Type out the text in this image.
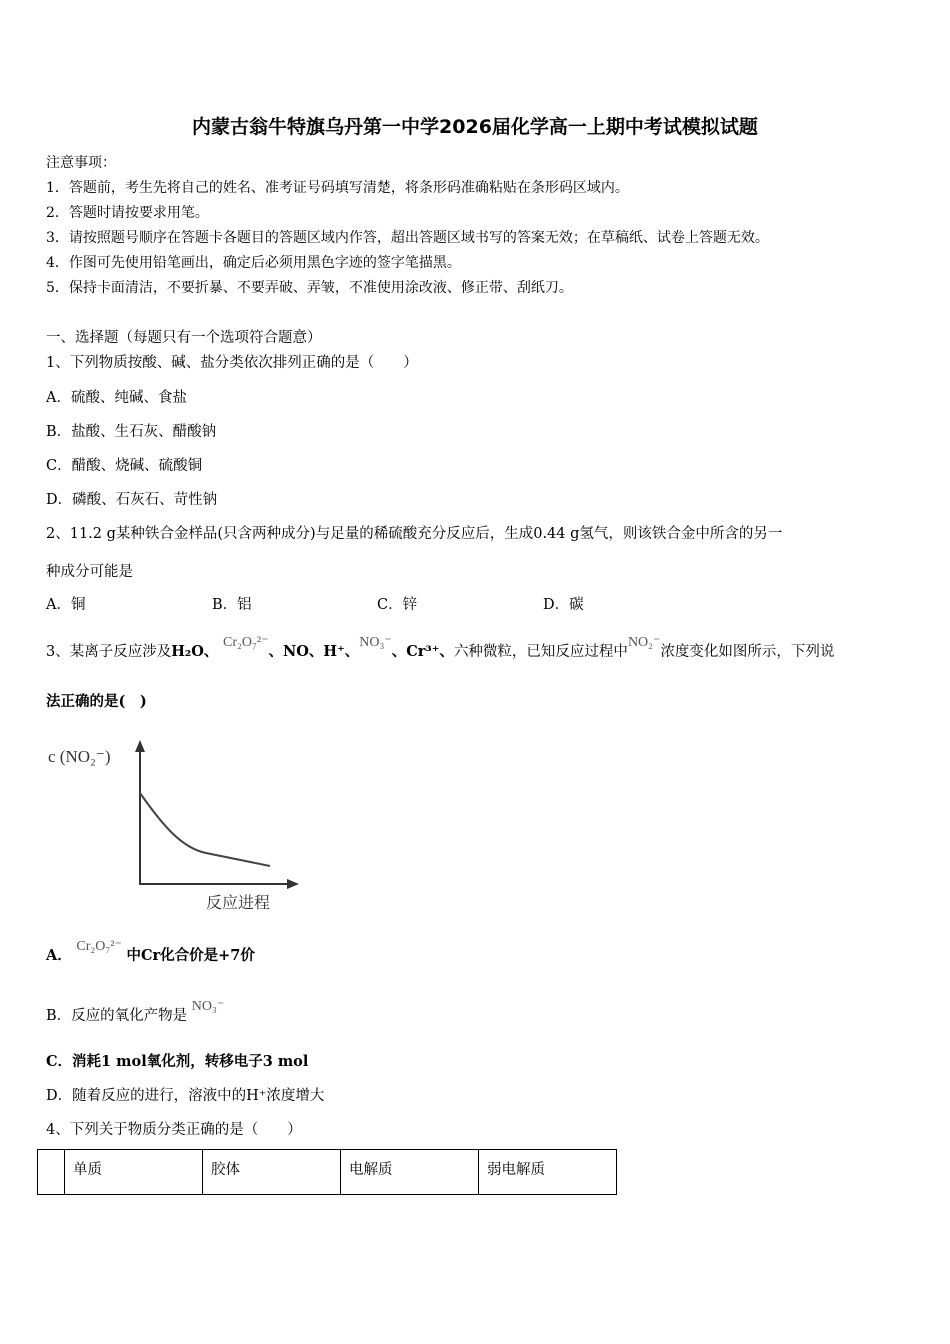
内蒙古翁牛特旗乌丹第一中学2026届化学高一上期中考试模拟试题
注意事项：
1．答题前，考生先将自己的姓名、准考证号码填写清楚，将条形码准确粘贴在条形码区域内。
2．答题时请按要求用笔。
3．请按照题号顺序在答题卡各题目的答题区域内作答，超出答题区域书写的答案无效；在草稿纸、试卷上答题无效。
4．作图可先使用铅笔画出，确定后必须用黑色字迹的签字笔描黑。
5．保持卡面清洁，不要折暴、不要弄破、弄皱，不准使用涂改液、修正带、刮纸刀。
一、选择题（每题只有一个选项符合题意）
1、下列物质按酸、碱、盐分类依次排列正确的是（　　）
A．硫酸、纯碱、食盐
B．盐酸、生石灰、醋酸钠
C．醋酸、烧碱、硫酸铜
D．磷酸、石灰石、苛性钠
2、11.2 g某种铁合金样品(只含两种成分)与足量的稀硫酸充分反应后，生成0.44 g氢气，则该铁合金中所含的另一
种成分可能是
A．铜	B．铝	C．锌	D．碳
3、某离子反应涉及H₂O、 Cr₂O₇²⁻、NO、H⁺、NO₃⁻、Cr³⁺、六种微粒，已知反应过程中NO₂⁻浓度变化如图所示，下列说
法正确的是(　)
c (NO₂⁻)
反应进程
A． Cr₂O₇²⁻ 中Cr化合价是+7价
B．反应的氧化产物是 NO₃⁻
C．消耗1 mol氧化剂，转移电子3 mol
D．随着反应的进行，溶液中的H⁺浓度增大
4、下列关于物质分类正确的是（　　）
	单质	胶体	电解质	弱电解质
